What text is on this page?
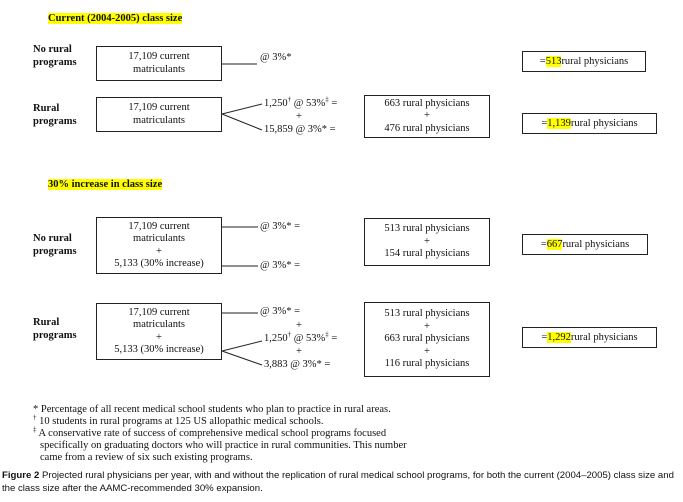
Current (2004-2005) class size
No rural
programs
17,109 current
matriculants
@ 3%*	= 513 rural physicians
Rural
programs
17,109 current
matriculants
1,250† @ 53%‡ =
+
15,859 @ 3%* =
663 rural physicians
+
476 rural physicians	= 1,139 rural physicians
30% increase in class size
No rural
programs
17,109 current
matriculants
+
5,133 (30% increase)
@ 3%* =
@ 3%* =
513 rural physicians
+
154 rural physicians
= 667 rural physicians
Rural
programs
17,109 current
matriculants
+
5,133 (30% increase)
@ 3%* =
+
1,250† @ 53%‡ =
+
3,883 @ 3%* =
513 rural physicians
+
663 rural physicians
+
116 rural physicians
= 1,292 rural physicians
* Percentage of all recent medical school students who plan to practice in rural areas.
† 10 students in rural programs at 125 US allopathic medical schools.
‡ A conservative rate of success of comprehensive medical school programs focused
specifically on graduating doctors who will practice in rural communities. This number
came from a review of six such existing programs.
Figure 2 Projected rural physicians per year, with and without the replication of rural medical school programs, for both the current (2004–2005) class size and the class size after the AAMC-recommended 30% expansion.
